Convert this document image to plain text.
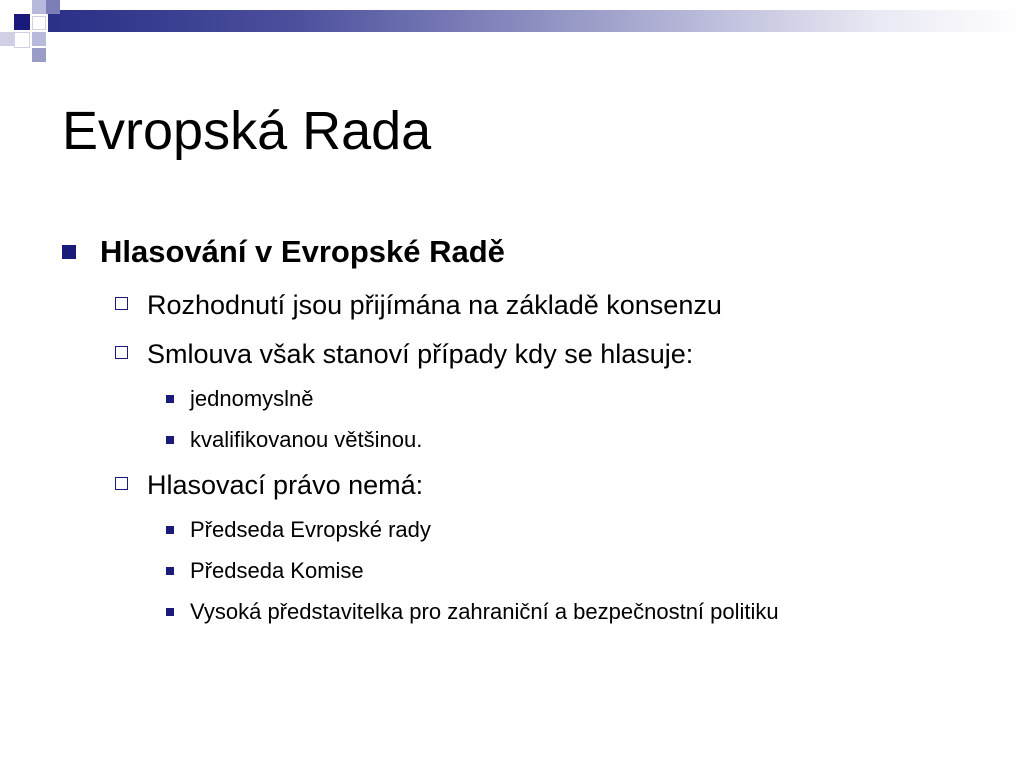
Evropská Rada
Hlasování v Evropské Radě
Rozhodnutí jsou přijímána na základě konsenzu
Smlouva však stanoví případy kdy se hlasuje:
jednomyslně
kvalifikovanou většinou.
Hlasovací právo nemá:
Předseda Evropské rady
Předseda Komise
Vysoká představitelka pro zahraniční a bezpečnostní politiku
